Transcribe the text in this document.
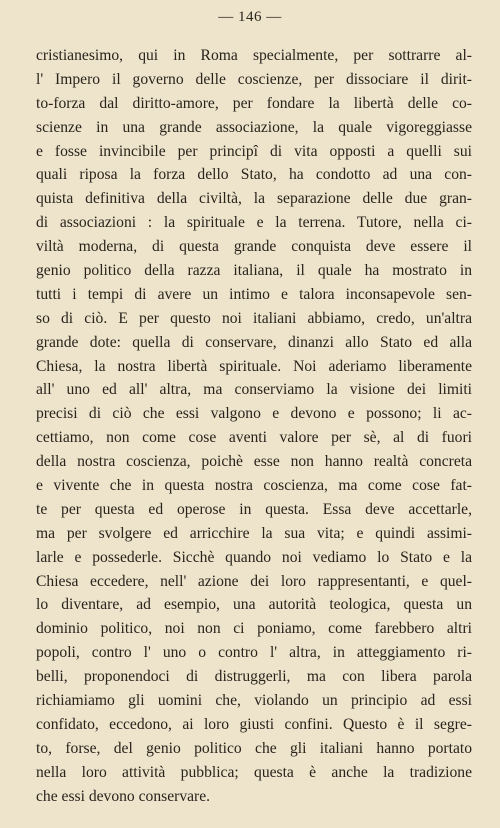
— 146 —
cristianesimo, qui in Roma specialmente, per sottrarre al-
l' Impero il governo delle coscienze, per dissociare il dirit-
to-forza dal diritto-amore, per fondare la libertà delle co-
scienze in una grande associazione, la quale vigoreggiasse
e fosse invincibile per principî di vita opposti a quelli sui
quali riposa la forza dello Stato, ha condotto ad una con-
quista definitiva della civiltà, la separazione delle due gran-
di associazioni : la spirituale e la terrena. Tutore, nella ci-
viltà moderna, di questa grande conquista deve essere il
genio politico della razza italiana, il quale ha mostrato in
tutti i tempi di avere un intimo e talora inconsapevole sen-
so di ciò. E per questo noi italiani abbiamo, credo, un'altra
grande dote: quella di conservare, dinanzi allo Stato ed alla
Chiesa, la nostra libertà spirituale. Noi aderiamo liberamente
all' uno ed all' altra, ma conserviamo la visione dei limiti
precisi di ciò che essi valgono e devono e possono; li ac-
cettiamo, non come cose aventi valore per sè, al di fuori
della nostra coscienza, poichè esse non hanno realtà concreta
e vivente che in questa nostra coscienza, ma come cose fat-
te per questa ed operose in questa. Essa deve accettarle,
ma per svolgere ed arricchire la sua vita; e quindi assimi-
larle e possederle. Sicchè quando noi vediamo lo Stato e la
Chiesa eccedere, nell' azione dei loro rappresentanti, e quel-
lo diventare, ad esempio, una autorità teologica, questa un
dominio politico, noi non ci poniamo, come farebbero altri
popoli, contro l' uno o contro l' altra, in atteggiamento ri-
belli, proponendoci di distruggerli, ma con libera parola
richiamiamo gli uomini che, violando un principio ad essi
confidato, eccedono, ai loro giusti confini. Questo è il segre-
to, forse, del genio politico che gli italiani hanno portato
nella loro attività pubblica; questa è anche la tradizione
che essi devono conservare.
